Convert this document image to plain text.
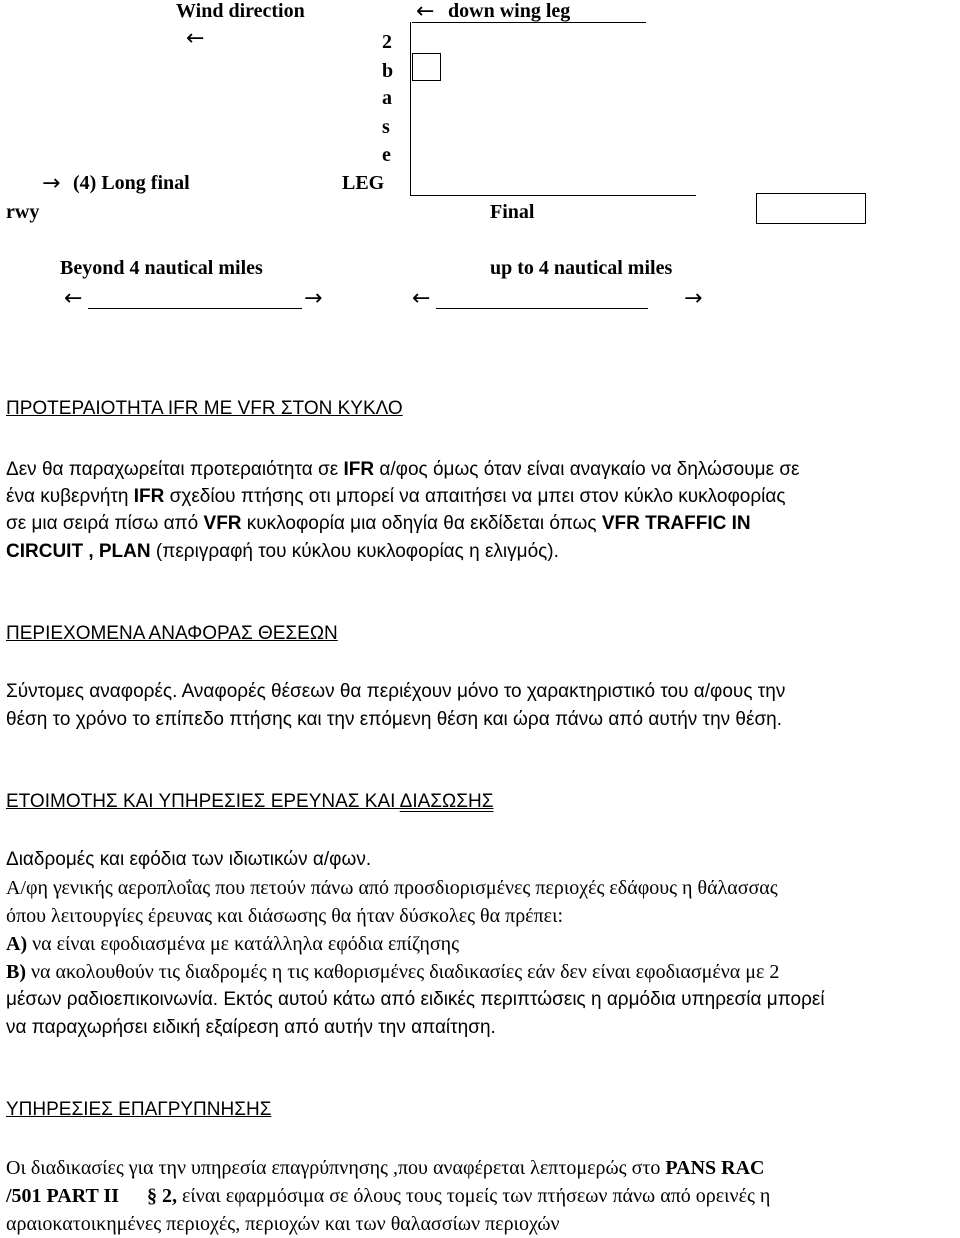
Wind direction
←
← down wing leg
2
b
a
s
e
→ (4) Long final	LEG
rwy	Final
Beyond 4 nautical miles	up to 4 nautical miles
←	→	←	→
ΠΡΟΤΕΡΑΙΟΤΗΤΑ IFR ΜΕ VFR ΣΤΟΝ ΚΥΚΛΟ
Δεν θα παραχωρείται προτεραιότητα σε IFR α/φος όμως όταν είναι αναγκαίο να δηλώσουμε σε
ένα κυβερνήτη IFR σχεδίου πτήσης οτι μπορεί να απαιτήσει να μπει στον κύκλο κυκλοφορίας
σε μια σειρά πίσω από VFR κυκλοφορία μια οδηγία θα εκδίδεται όπως VFR TRAFFIC IN
CIRCUIT , PLAN (περιγραφή του κύκλου κυκλοφορίας η ελιγμός).
ΠΕΡΙΕΧΟΜΕΝΑ ΑΝΑΦΟΡΑΣ ΘΕΣΕΩΝ
Σύντομες αναφορές. Αναφορές θέσεων θα περιέχουν μόνο το χαρακτηριστικό του α/φους την
θέση το χρόνο το επίπεδο πτήσης και την επόμενη θέση και ώρα πάνω από αυτήν την θέση.
ΕΤΟΙΜΟΤΗΣ ΚΑΙ ΥΠΗΡΕΣΙΕΣ ΕΡΕΥΝΑΣ ΚΑΙ ΔΙΑΣΩΣΗΣ
Διαδρομές και εφόδια των ιδιωτικών α/φων.
Α/φη γενικής αεροπλοΐας που πετούν πάνω από προσδιορισμένες περιοχές εδάφους η θάλασσας
όπου λειτουργίες έρευνας και διάσωσης θα ήταν δύσκολες θα πρέπει:
Α) να είναι εφοδιασμένα με κατάλληλα εφόδια επίζησης
Β) να ακολουθούν τις διαδρομές η τις καθορισμένες διαδικασίες εάν δεν είναι εφοδιασμένα με 2
μέσων ραδιοεπικοινωνία. Εκτός αυτού κάτω από ειδικές περιπτώσεις η αρμόδια υπηρεσία μπορεί
να παραχωρήσει ειδική εξαίρεση από αυτήν την απαίτηση.
ΥΠΗΡΕΣΙΕΣ ΕΠΑΓΡΥΠΝΗΣΗΣ
Οι διαδικασίες για την υπηρεσία επαγρύπνησης ,που αναφέρεται λεπτομερώς στο PANS RAC
/501 PART II § 2, είναι εφαρμόσιμα σε όλους τους τομείς των πτήσεων πάνω από ορεινές η
αραιοκατοικημένες περιοχές, περιοχών και των θαλασσίων περιοχών
